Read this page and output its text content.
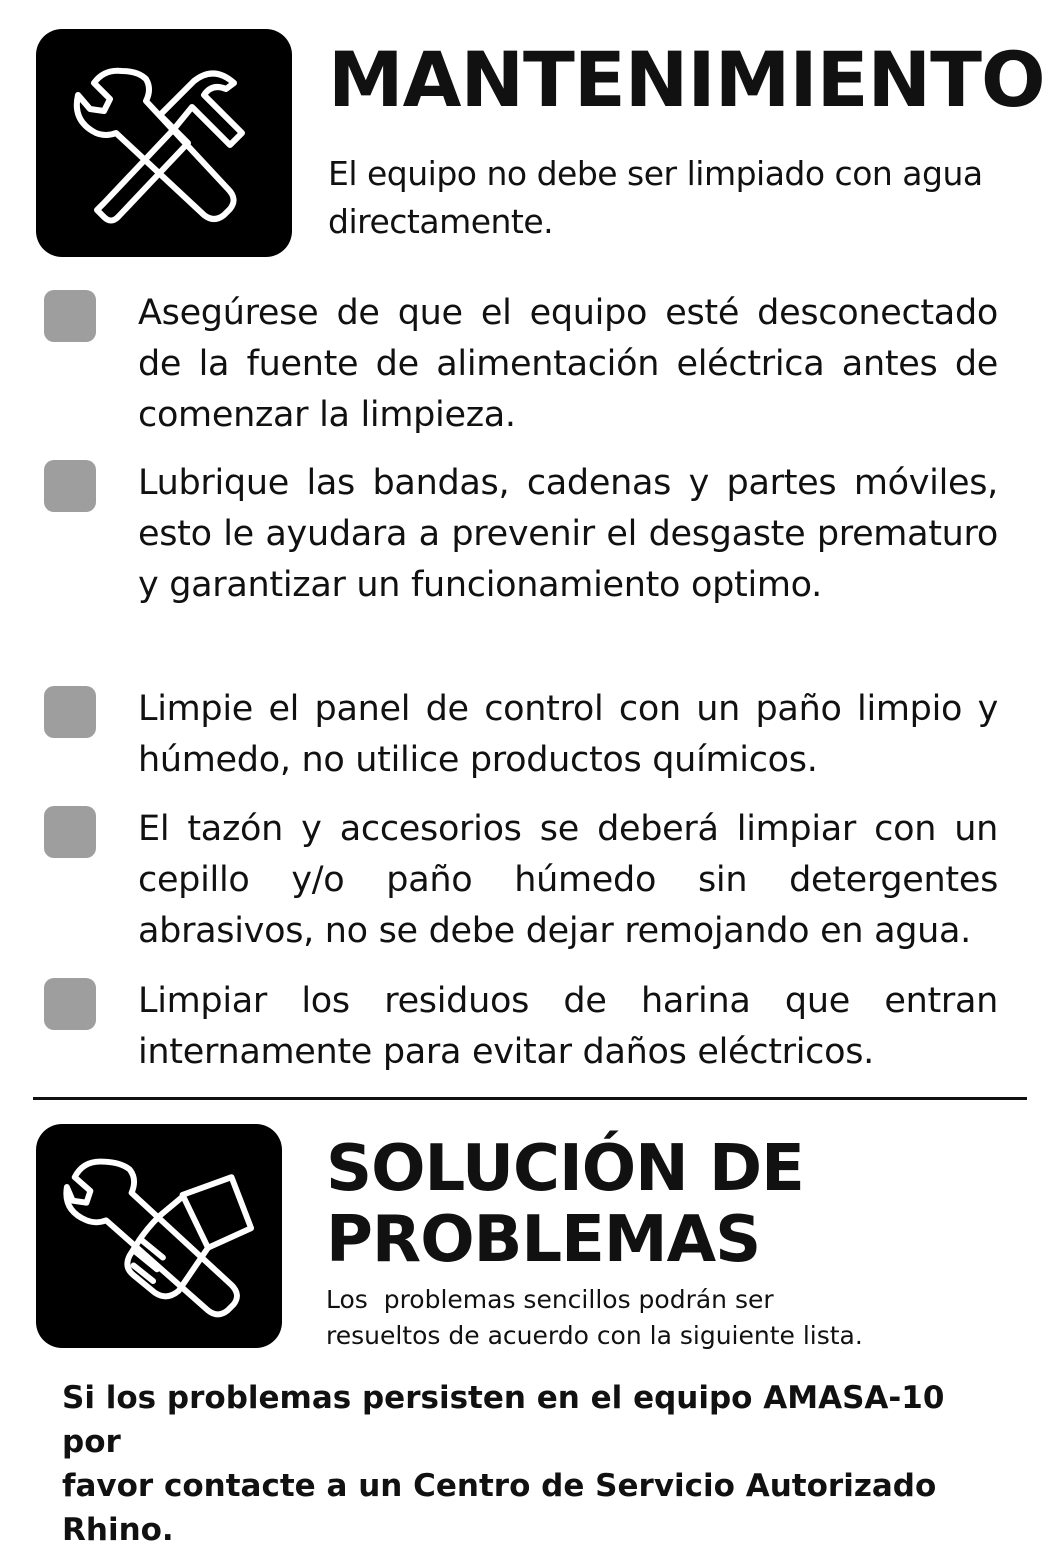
MANTENIMIENTO

El equipo no debe ser limpiado con agua directamente.

Asegúrese de que el equipo esté desconectado de la fuente de alimentación eléctrica antes de comenzar la limpieza.
Lubrique las bandas, cadenas y partes móviles, esto le ayudara a prevenir el desgaste prematuro y garantizar un funcionamiento optimo.
Limpie el panel de control con un paño limpio y húmedo, no utilice productos químicos.
El tazón y accesorios se deberá limpiar con un cepillo y/o paño húmedo sin detergentes abrasivos, no se debe dejar remojando en agua.
Limpiar los residuos de harina que entran internamente para evitar daños eléctricos.
SOLUCIÓN DE
PROBLEMAS

Los  problemas sencillos podrán ser

resueltos de acuerdo con la siguiente lista.

Si los problemas persisten en el equipo AMASA-10 por
favor contacte a un Centro de Servicio Autorizado Rhino.
